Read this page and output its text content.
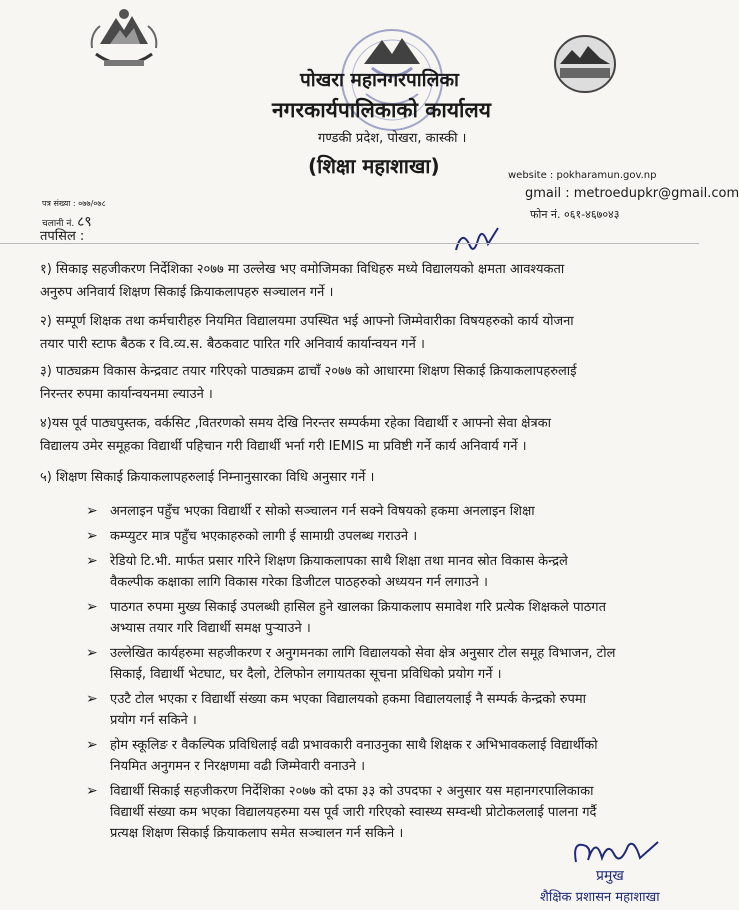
पोखरा महानगरपालिका
नगरकार्यपालिकाको कार्यालय
गण्डकी प्रदेश, पोखरा, कास्की ।
(शिक्षा महाशाखा)	website : pokharamun.gov.np
gmail : metroedupkr@gmail.com
फोन नं. ०६१-४६७०४३
पत्र संख्या : ०७७/०७८
चलानी नं. ८९
तपसिल :

१) सिकाइ सहजीकरण निर्देशिका २०७७ मा उल्लेख भए वमोजिमका विधिहरु मध्ये विद्यालयको क्षमता आवश्यकता
अनुरुप अनिवार्य शिक्षण सिकाई क्रियाकलापहरु सञ्चालन गर्ने ।

२) सम्पूर्ण शिक्षक तथा कर्मचारीहरु नियमित विद्यालयमा उपस्थित भई आफ्नो जिम्मेवारीका विषयहरुको कार्य योजना
तयार पारी स्टाफ बैठक र वि.व्य.स. बैठकवाट पारित गरि अनिवार्य कार्यान्वयन गर्ने ।

३) पाठ्यक्रम विकास केन्द्रवाट तयार गरिएको पाठ्यक्रम ढाचाँ २०७७ को आधारमा शिक्षण सिकाई क्रियाकलापहरुलाई
निरन्तर रुपमा कार्यान्वयनमा ल्याउने ।

४)यस पूर्व पाठ्यपुस्तक, वर्कसिट ,वितरणको समय देखि निरन्तर सम्पर्कमा रहेका विद्यार्थी र आफ्नो सेवा क्षेत्रका
विद्यालय उमेर समूहका विद्यार्थी पहिचान गरी विद्यार्थी भर्ना गरी IEMIS मा प्रविष्टी गर्ने कार्य अनिवार्य गर्ने ।

५) शिक्षण सिकाई क्रियाकलापहरुलाई निम्नानुसारका विधि अनुसार गर्ने ।

➢ अनलाइन पहुँच भएका विद्यार्थी र सोको सञ्चालन गर्न सक्ने विषयको हकमा अनलाइन शिक्षा
➢ कम्प्युटर मात्र पहुँच भएकाहरुको लागी ई सामाग्री उपलब्ध गराउने ।
➢ रेडियो टि.भी. मार्फत प्रसार गरिने शिक्षण क्रियाकलापका साथै शिक्षा तथा मानव स्रोत विकास केन्द्रले
वैकल्पीक कक्षाका लागि विकास गरेका डिजीटल पाठहरुको अध्ययन गर्न लगाउने ।
➢ पाठगत रुपमा मुख्य सिकाई उपलब्धी हासिल हुने खालका क्रियाकलाप समावेश गरि प्रत्येक शिक्षकले पाठगत
अभ्यास तयार गरि विद्यार्थी समक्ष पुऱ्याउने ।
➢ उल्लेखित कार्यहरुमा सहजीकरण र अनुगमनका लागि विद्यालयको सेवा क्षेत्र अनुसार टोल समूह विभाजन, टोल
सिकाई, विद्यार्थी भेटघाट, घर दैलो, टेलिफोन लगायतका सूचना प्रविधिको प्रयोग गर्ने ।
➢ एउटै टोल भएका र विद्यार्थी संख्या कम भएका विद्यालयको हकमा विद्यालयलाई नै सम्पर्क केन्द्रको रुपमा
प्रयोग गर्न सकिने ।
➢ होम स्कूलिङ र वैकल्पिक प्रविधिलाई वढी प्रभावकारी वनाउनुका साथै शिक्षक र अभिभावकलाई विद्यार्थीको
नियमित अनुगमन र निरक्षणमा वढी जिम्मेवारी वनाउने ।
➢ विद्यार्थी सिकाई सहजीकरण निर्देशिका २०७७ को दफा ३३ को उपदफा २ अनुसार यस महानगरपालिकाका
विद्यार्थी संख्या कम भएका विद्यालयहरुमा यस पूर्व जारी गरिएको स्वास्थ्य सम्वन्धी प्रोटोकललाई पालना गर्दै
प्रत्यक्ष शिक्षण सिकाई क्रियाकलाप समेत सञ्चालन गर्न सकिने ।
प्रमुख
शैक्षिक प्रशासन महाशाखा
